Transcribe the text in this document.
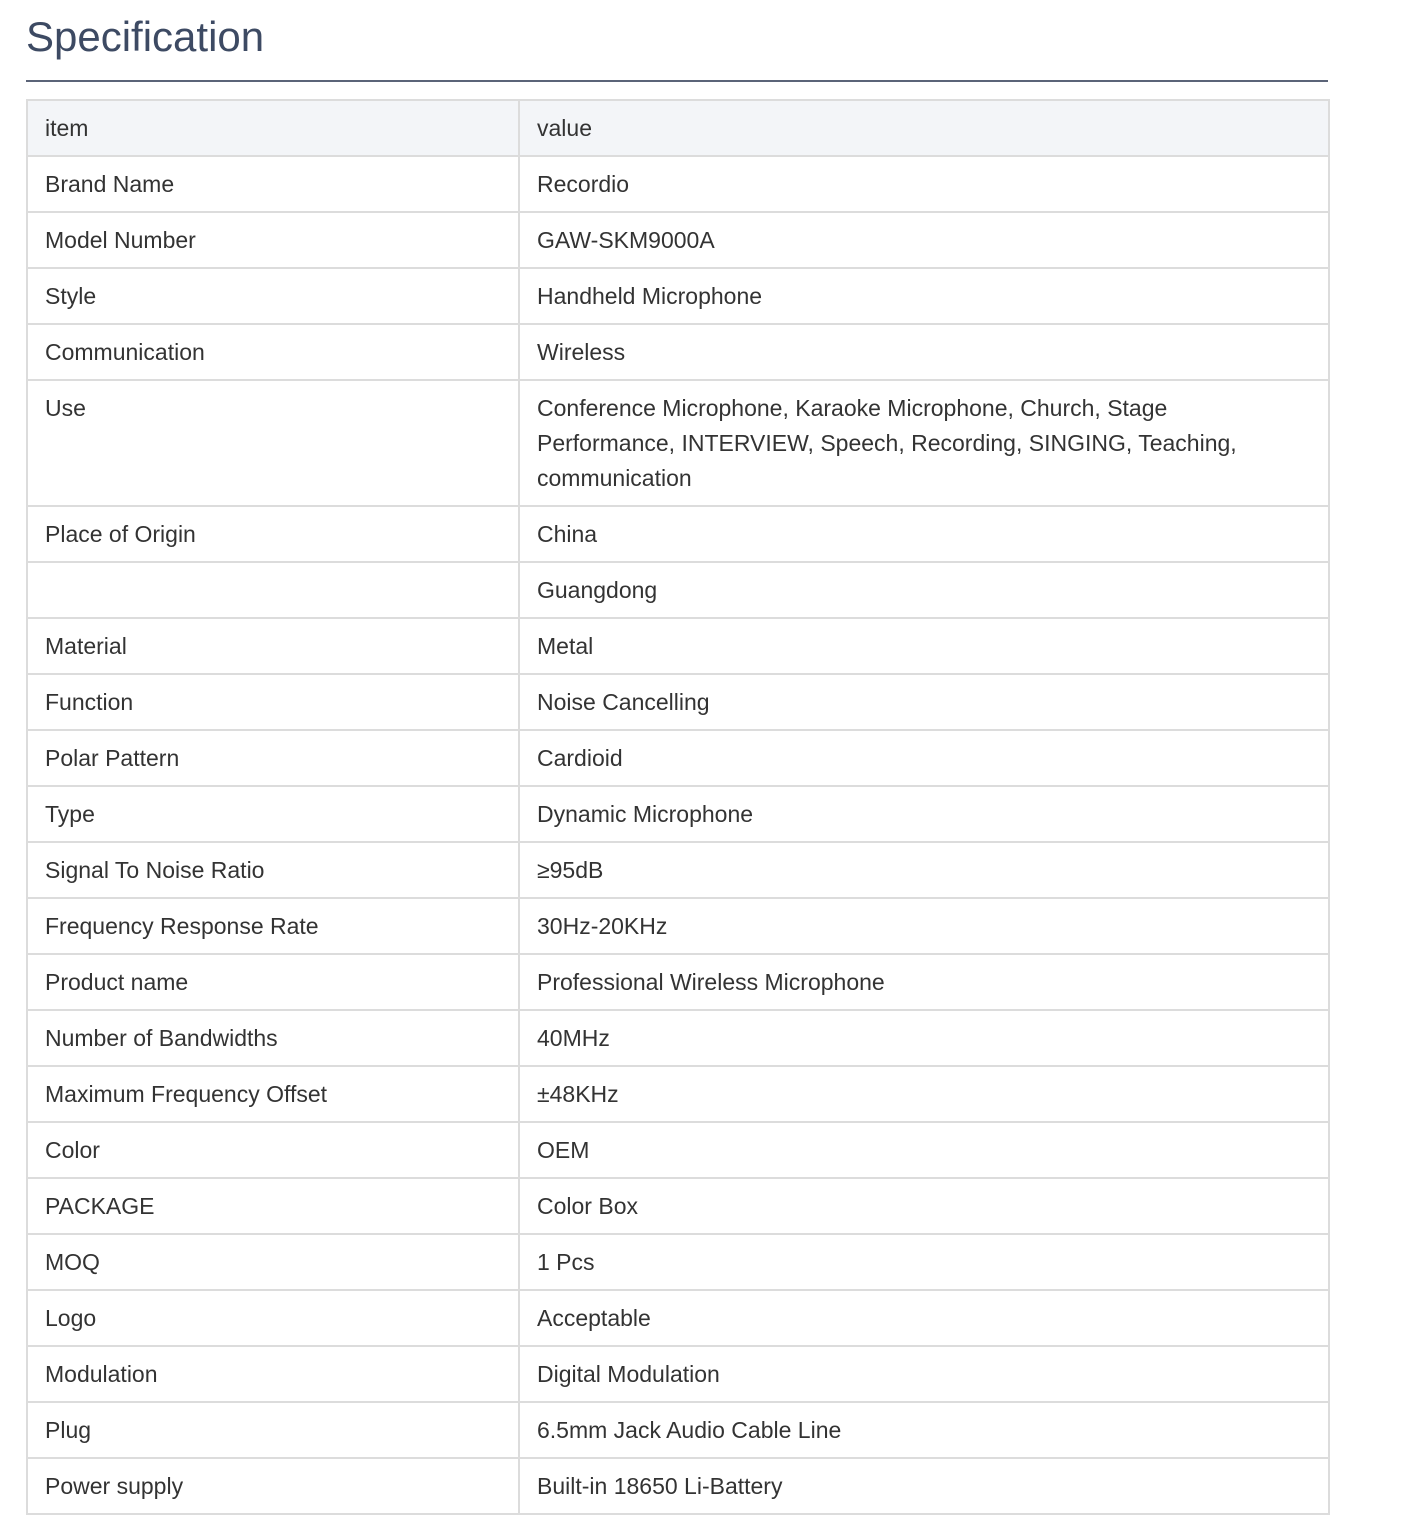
Specification
item	value
Brand Name	Recordio
Model Number	GAW-SKM9000A
Style	Handheld Microphone
Communication	Wireless
Use	Conference Microphone, Karaoke Microphone, Church, Stage Performance, INTERVIEW, Speech, Recording, SINGING, Teaching, communication
Place of Origin	China
	Guangdong
Material	Metal
Function	Noise Cancelling
Polar Pattern	Cardioid
Type	Dynamic Microphone
Signal To Noise Ratio	≥95dB
Frequency Response Rate	30Hz-20KHz
Product name	Professional Wireless Microphone
Number of Bandwidths	40MHz
Maximum Frequency Offset	±48KHz
Color	OEM
PACKAGE	Color Box
MOQ	1 Pcs
Logo	Acceptable
Modulation	Digital Modulation
Plug	6.5mm Jack Audio Cable Line
Power supply	Built-in 18650 Li-Battery
